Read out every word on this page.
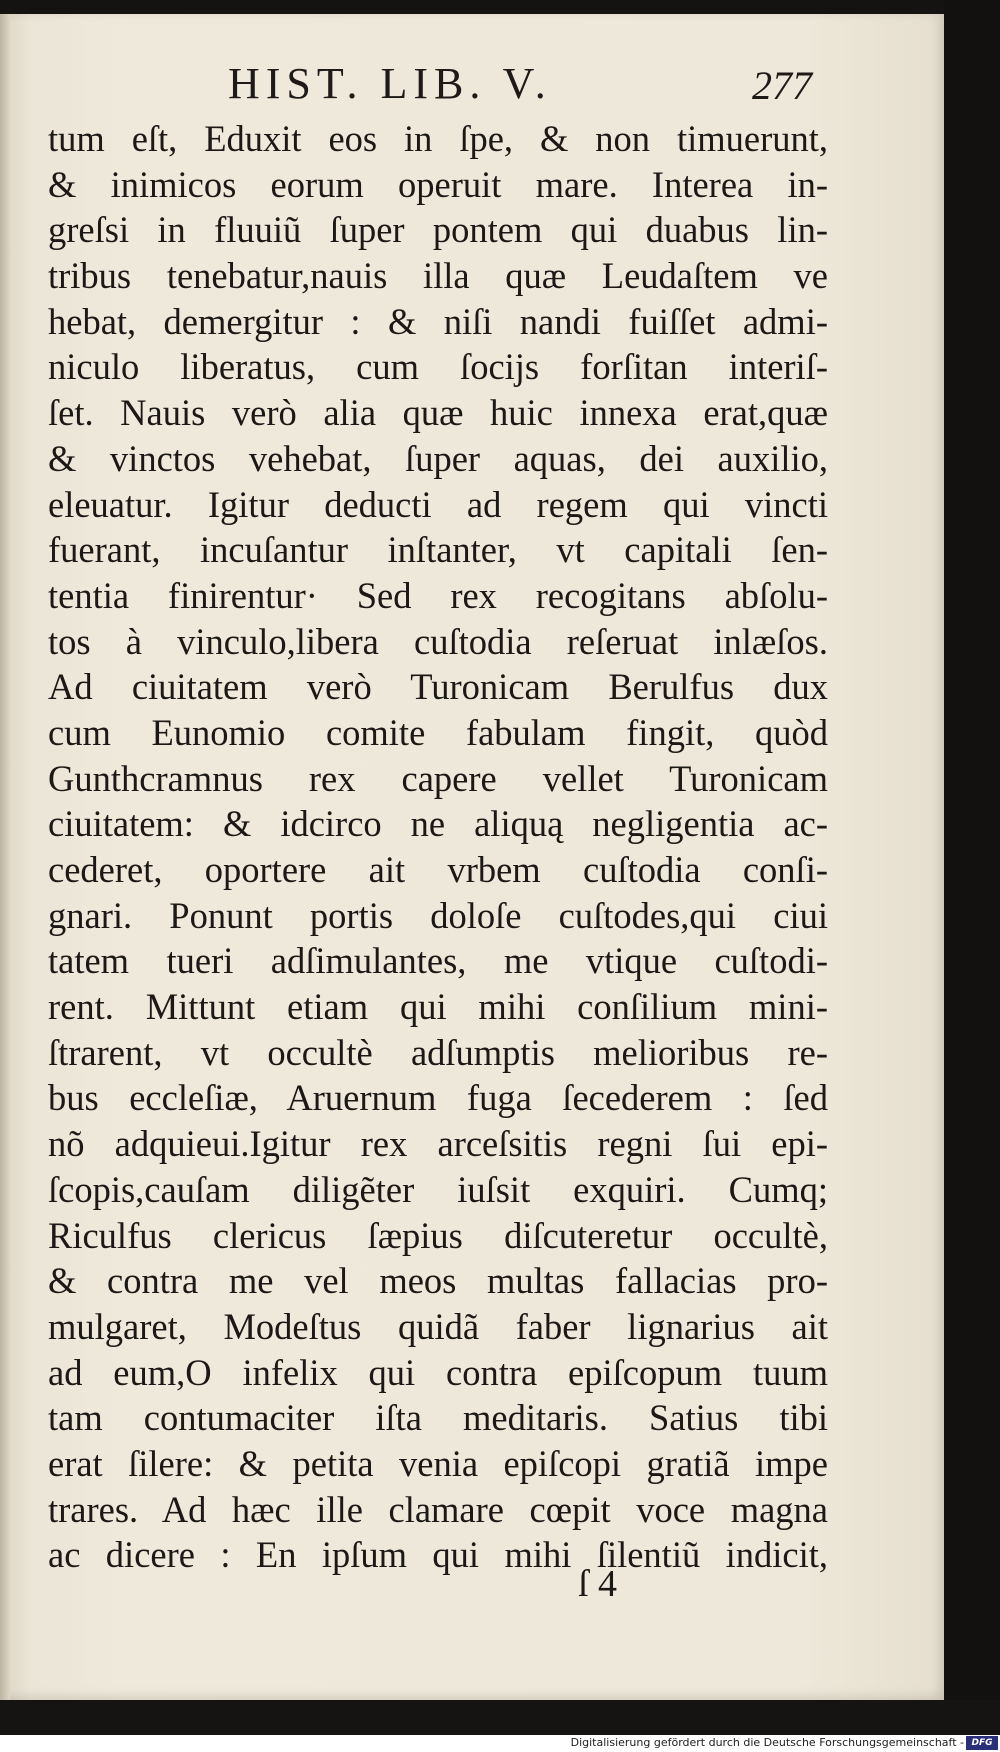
HIST. LIB. V.	277
tum eſt, Eduxit eos in ſpe, & non timuerunt,
& inimicos eorum operuit mare. Interea in-
greſsi in fluuiũ ſuper pontem qui duabus lin-
tribus tenebatur,nauis illa quæ Leudaſtem ve
hebat, demergitur : & niſi nandi fuiſſet admi-
niculo liberatus, cum ſocijs forſitan interiſ-
ſet. Nauis verò alia quæ huic innexa erat,quæ
& vinctos vehebat, ſuper aquas, dei auxilio,
eleuatur. Igitur deducti ad regem qui vincti
fuerant, incuſantur inſtanter, vt capitali ſen-
tentia finirentur· Sed rex recogitans abſolu-
tos à vinculo,libera cuſtodia reſeruat inlæſos.
Ad ciuitatem verò Turonicam Berulfus dux
cum Eunomio comite fabulam fingit, quòd
Gunthcramnus rex capere vellet Turonicam
ciuitatem: & idcirco ne aliquą negligentia ac-
cederet, oportere ait vrbem cuſtodia conſi-
gnari. Ponunt portis doloſe cuſtodes,qui ciui
tatem tueri adſimulantes, me vtique cuſtodi-
rent. Mittunt etiam qui mihi conſilium mini-
ſtrarent, vt occultè adſumptis melioribus re-
bus eccleſiæ, Aruernum fuga ſecederem : ſed
nõ adquieui.Igitur rex arceſsitis regni ſui epi-
ſcopis,cauſam diligẽter iuſsit exquiri. Cumq;
Riculfus clericus ſæpius diſcuteretur occultè,
& contra me vel meos multas fallacias pro-
mulgaret, Modeſtus quidã faber lignarius ait
ad eum,O infelix qui contra epiſcopum tuum
tam contumaciter iſta meditaris. Satius tibi
erat ſilere: & petita venia epiſcopi gratiã impe
trares. Ad hæc ille clamare cœpit voce magna
ac dicere : En ipſum qui mihi ſilentiũ indicit,
ſ 4
Digitalisierung gefördert durch die Deutsche Forschungsgemeinschaft - DFG
